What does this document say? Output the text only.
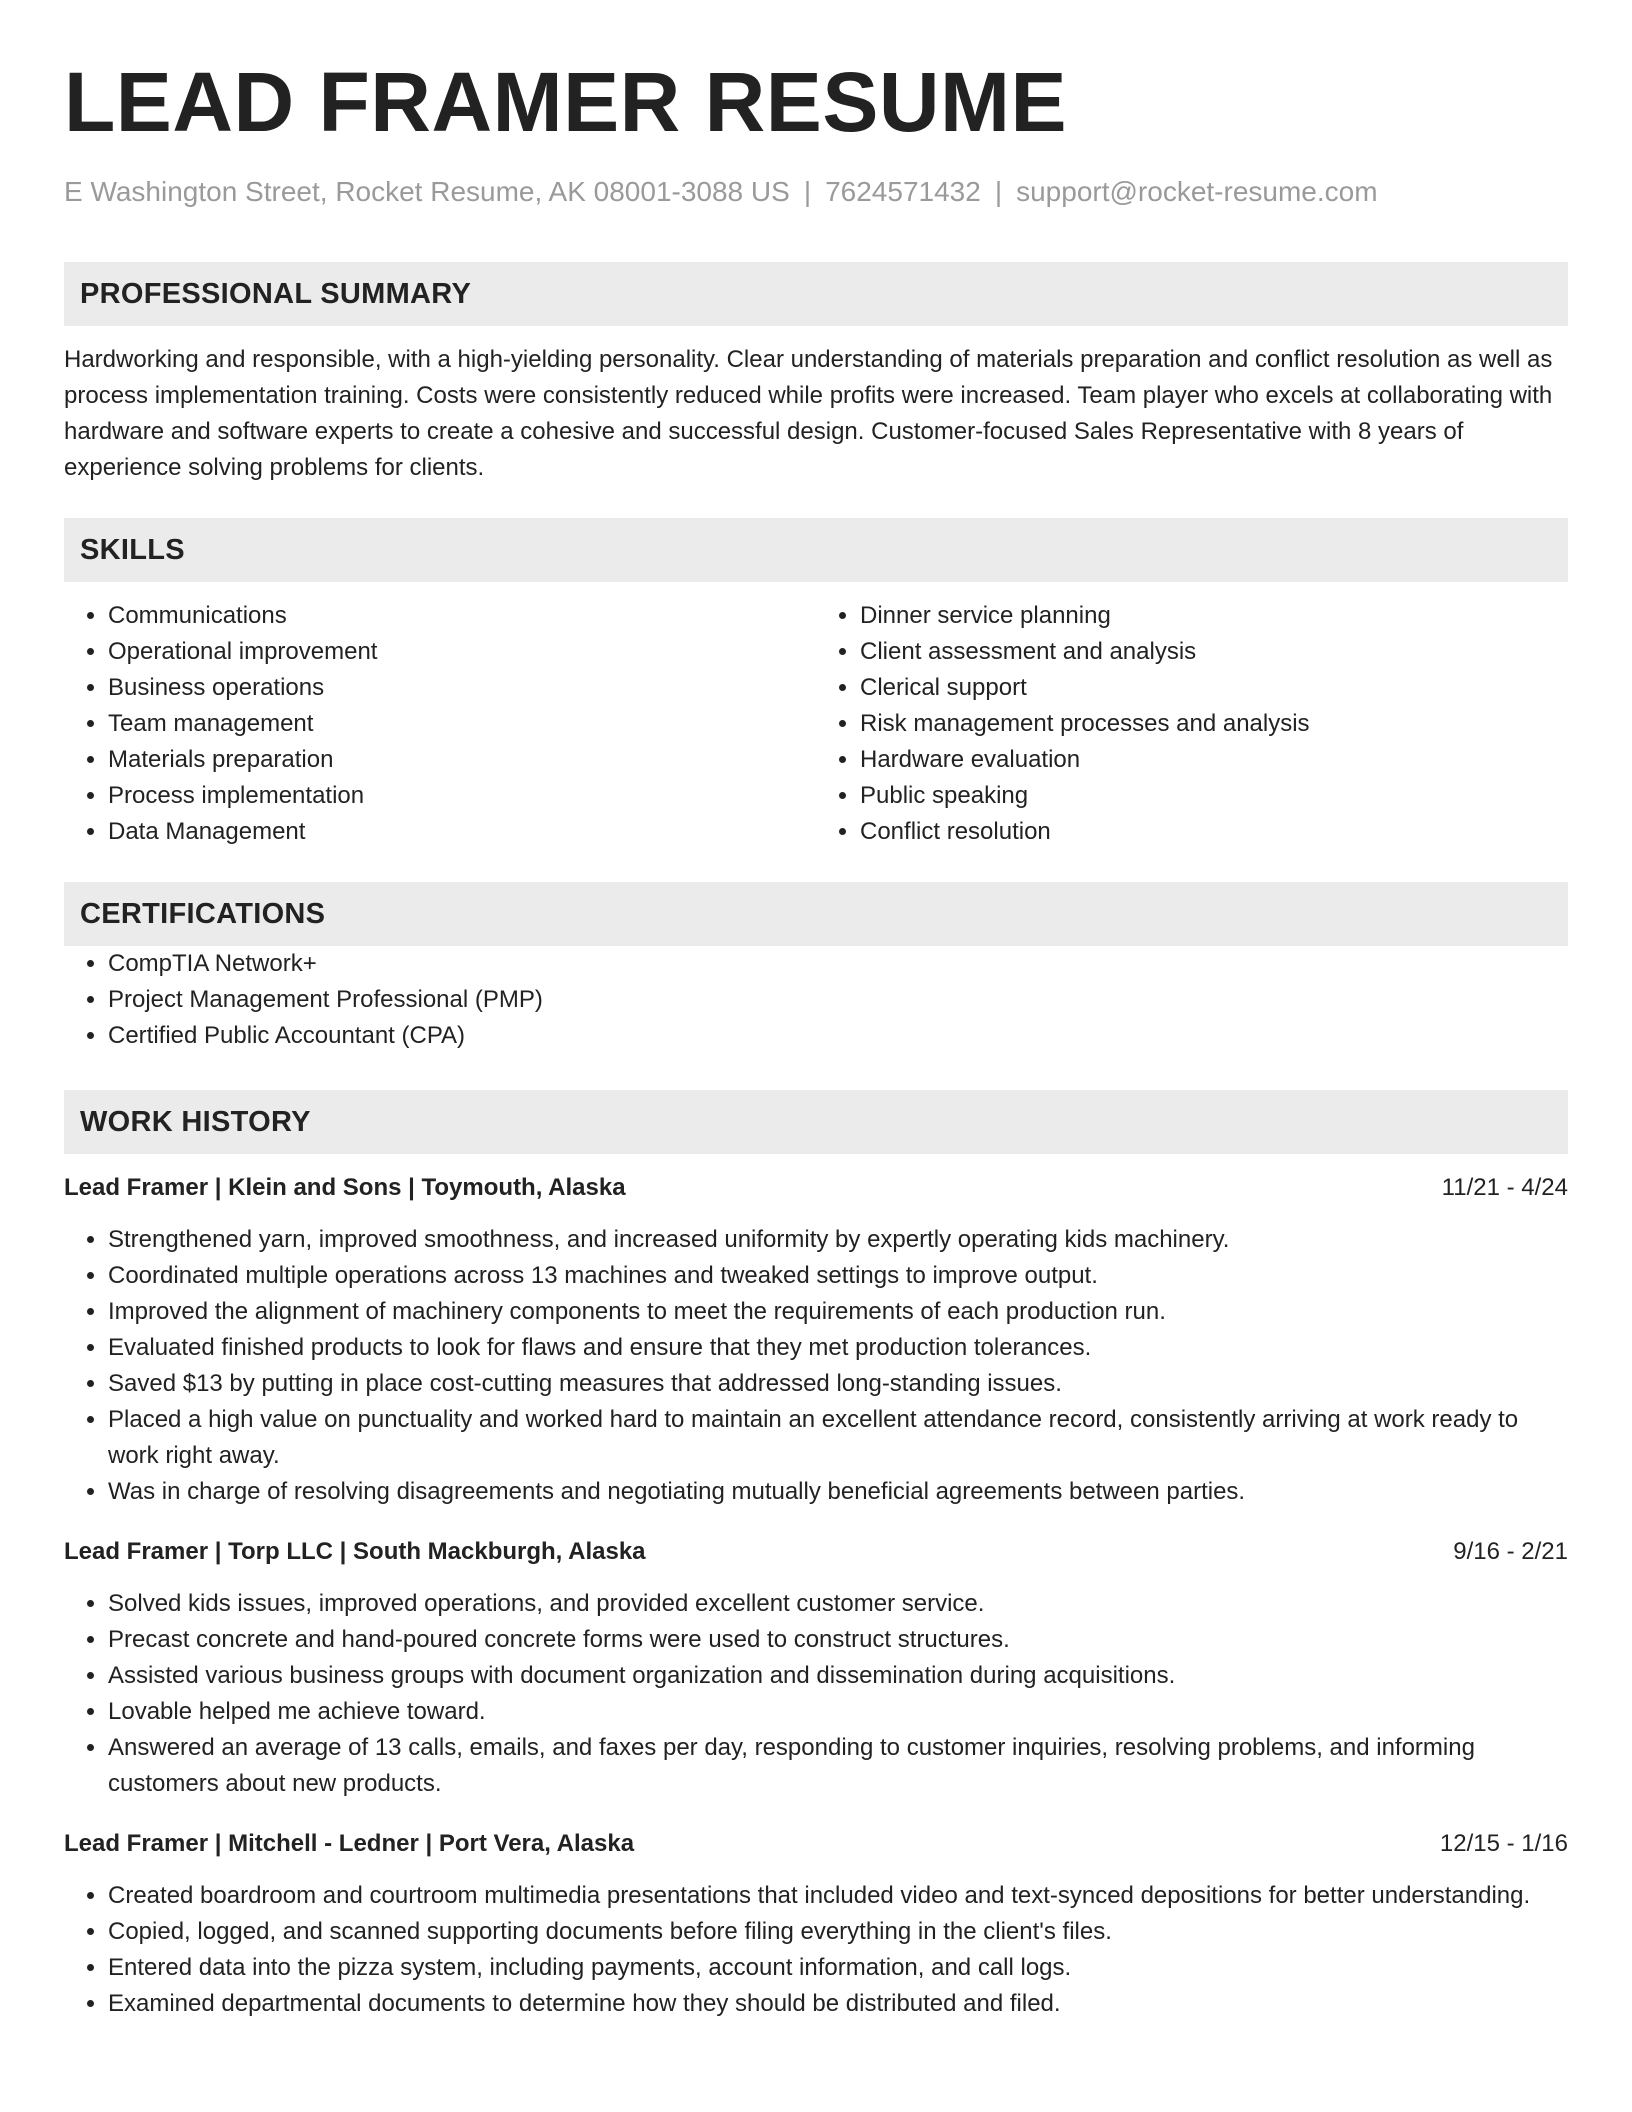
LEAD FRAMER RESUME
E Washington Street, Rocket Resume, AK 08001-3088 US | 7624571432 | support@rocket-resume.com
PROFESSIONAL SUMMARY

Hardworking and responsible, with a high-yielding personality. Clear understanding of materials preparation and conflict resolution as well as process implementation training. Costs were consistently reduced while profits were increased. Team player who excels at collaborating with hardware and software experts to create a cohesive and successful design. Customer-focused Sales Representative with 8 years of experience solving problems for clients.

SKILLS
• Communications
• Operational improvement
• Business operations
• Team management
• Materials preparation
• Process implementation
• Data Management
• Dinner service planning
• Client assessment and analysis
• Clerical support
• Risk management processes and analysis
• Hardware evaluation
• Public speaking
• Conflict resolution
CERTIFICATIONS
• CompTIA Network+
• Project Management Professional (PMP)
• Certified Public Accountant (CPA)
WORK HISTORY
Lead Framer | Klein and Sons | Toymouth, Alaska	11/21 - 4/24
• Strengthened yarn, improved smoothness, and increased uniformity by expertly operating kids machinery.
• Coordinated multiple operations across 13 machines and tweaked settings to improve output.
• Improved the alignment of machinery components to meet the requirements of each production run.
• Evaluated finished products to look for flaws and ensure that they met production tolerances.
• Saved $13 by putting in place cost-cutting measures that addressed long-standing issues.
• Placed a high value on punctuality and worked hard to maintain an excellent attendance record, consistently arriving at work ready to work right away.
• Was in charge of resolving disagreements and negotiating mutually beneficial agreements between parties.
Lead Framer | Torp LLC | South Mackburgh, Alaska	9/16 - 2/21
• Solved kids issues, improved operations, and provided excellent customer service.
• Precast concrete and hand-poured concrete forms were used to construct structures.
• Assisted various business groups with document organization and dissemination during acquisitions.
• Lovable helped me achieve toward.
• Answered an average of 13 calls, emails, and faxes per day, responding to customer inquiries, resolving problems, and informing customers about new products.
Lead Framer | Mitchell - Ledner | Port Vera, Alaska	12/15 - 1/16
• Created boardroom and courtroom multimedia presentations that included video and text-synced depositions for better understanding.
• Copied, logged, and scanned supporting documents before filing everything in the client's files.
• Entered data into the pizza system, including payments, account information, and call logs.
• Examined departmental documents to determine how they should be distributed and filed.
